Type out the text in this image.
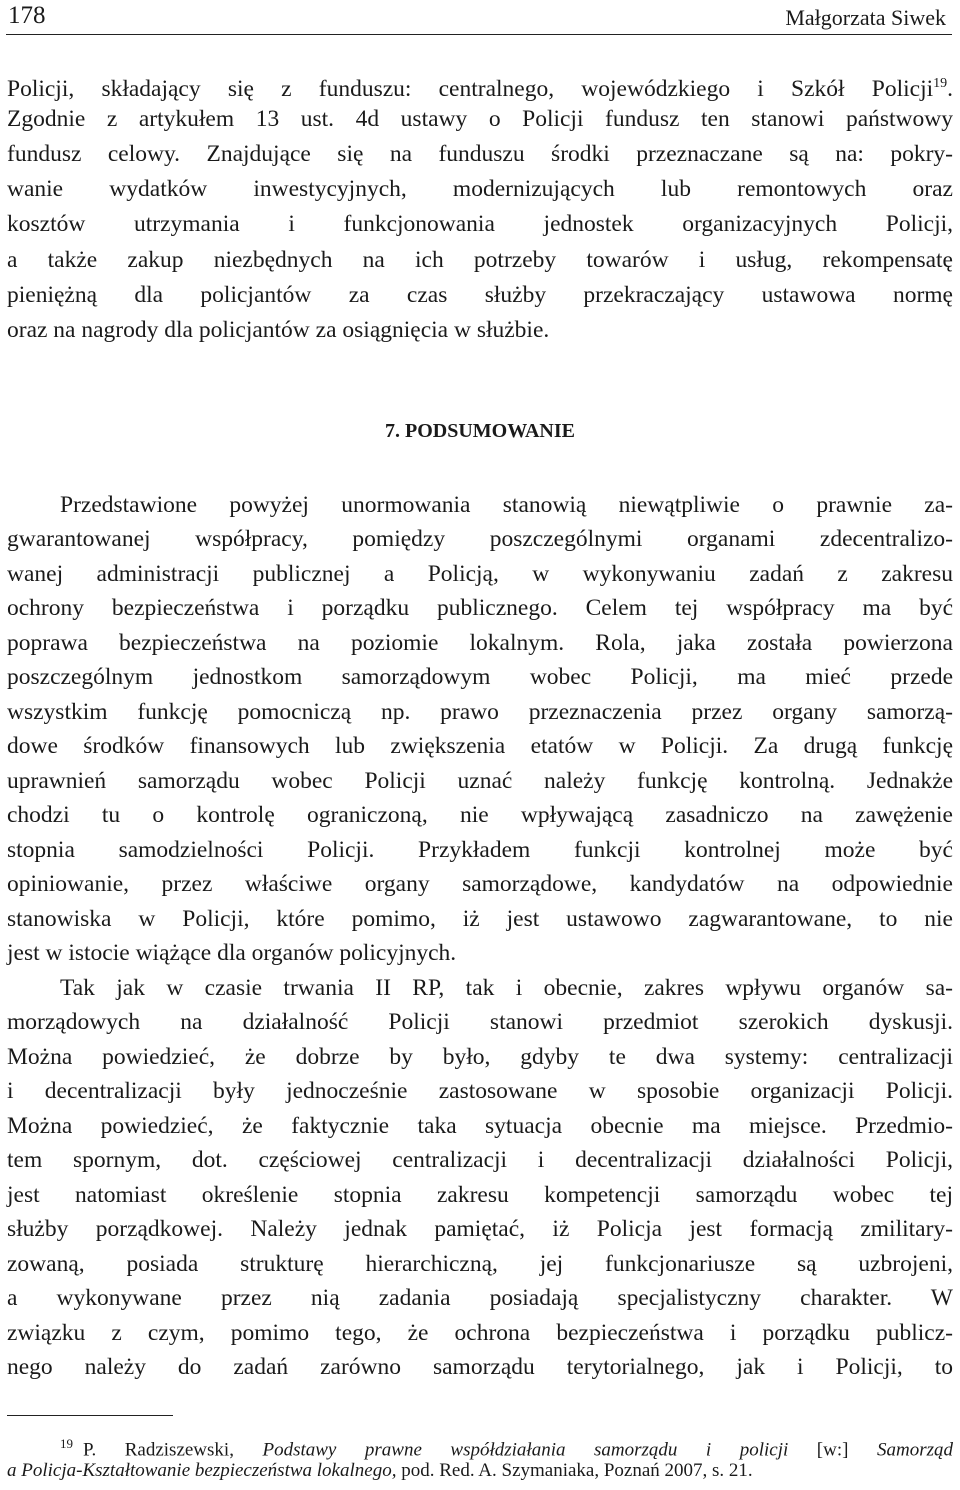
178	Małgorzata Siwek
Policji, składający się z funduszu: centralnego, wojewódzkiego i Szkół Policji$^{19}$.
Zgodnie z artykułem 13 ust. 4d ustawy o Policji fundusz ten stanowi państwowy
fundusz celowy. Znajdujące się na funduszu środki przeznaczane są na: pokry-
wanie wydatków inwestycyjnych, modernizujących lub remontowych oraz
kosztów utrzymania i funkcjonowania jednostek organizacyjnych Policji,
a także zakup niezbędnych na ich potrzeby towarów i usług, rekompensatę
pieniężną dla policjantów za czas służby przekraczający ustawowa normę
oraz na nagrody dla policjantów za osiągnięcia w służbie.
7. PODSUMOWANIE
Przedstawione powyżej unormowania stanowią niewątpliwie o prawnie za-
gwarantowanej współpracy, pomiędzy poszczególnymi organami zdecentralizo-
wanej administracji publicznej a Policją, w wykonywaniu zadań z zakresu
ochrony bezpieczeństwa i porządku publicznego. Celem tej współpracy ma być
poprawa bezpieczeństwa na poziomie lokalnym. Rola, jaka została powierzona
poszczególnym jednostkom samorządowym wobec Policji, ma mieć przede
wszystkim funkcję pomocniczą np. prawo przeznaczenia przez organy samorzą-
dowe środków finansowych lub zwiększenia etatów w Policji. Za drugą funkcję
uprawnień samorządu wobec Policji uznać należy funkcję kontrolną. Jednakże
chodzi tu o kontrolę ograniczoną, nie wpływającą zasadniczo na zawężenie
stopnia samodzielności Policji. Przykładem funkcji kontrolnej może być
opiniowanie, przez właściwe organy samorządowe, kandydatów na odpowiednie
stanowiska w Policji, które pomimo, iż jest ustawowo zagwarantowane, to nie
jest w istocie wiążące dla organów policyjnych.
Tak jak w czasie trwania II RP, tak i obecnie, zakres wpływu organów sa-
morządowych na działalność Policji stanowi przedmiot szerokich dyskusji.
Można powiedzieć, że dobrze by było, gdyby te dwa systemy: centralizacji
i decentralizacji były jednocześnie zastosowane w sposobie organizacji Policji.
Można powiedzieć, że faktycznie taka sytuacja obecnie ma miejsce. Przedmio-
tem spornym, dot. częściowej centralizacji i decentralizacji działalności Policji,
jest natomiast określenie stopnia zakresu kompetencji samorządu wobec tej
służby porządkowej. Należy jednak pamiętać, iż Policja jest formacją zmilitary-
zowaną, posiada strukturę hierarchiczną, jej funkcjonariusze są uzbrojeni,
a wykonywane przez nią zadania posiadają specjalistyczny charakter. W
związku z czym, pomimo tego, że ochrona bezpieczeństwa i porządku publicz-
nego należy do zadań zarówno samorządu terytorialnego, jak i Policji, to
$^{19}$ P. Radziszewski, Podstawy prawne współdziałania samorządu i policji [w:] Samorząd
a Policja-Kształtowanie bezpieczeństwa lokalnego, pod. Red. A. Szymaniaka, Poznań 2007, s. 21.
